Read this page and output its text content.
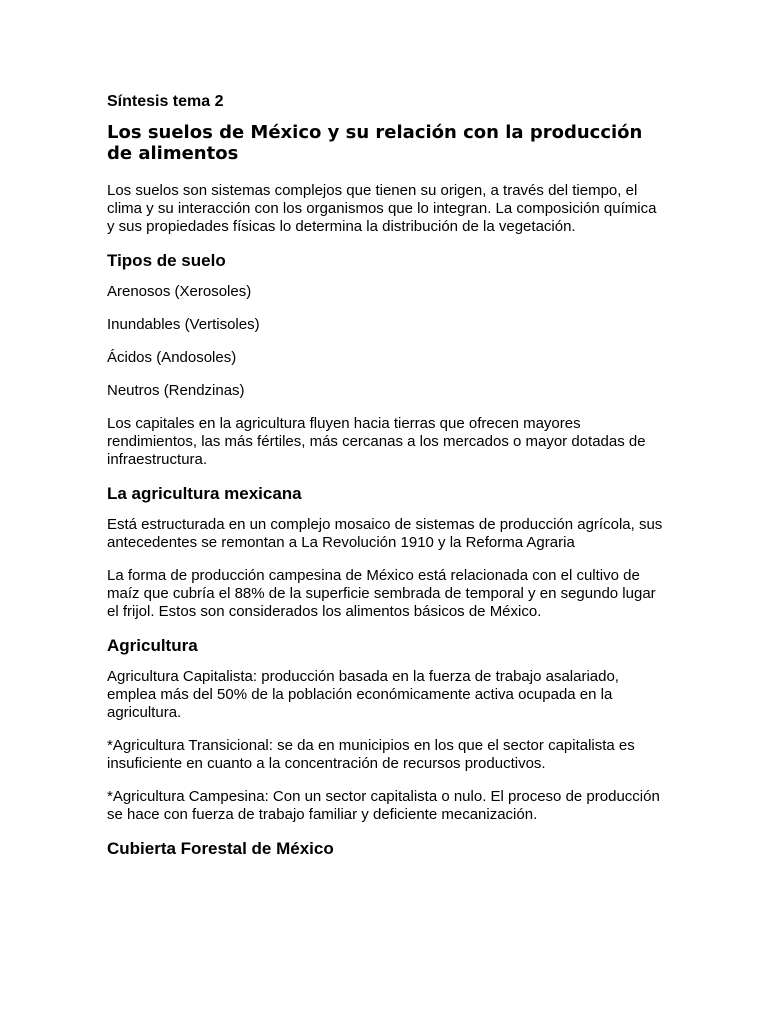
Síntesis tema 2
Los suelos de México y su relación con la producción de alimentos

Los suelos son sistemas complejos que tienen su origen, a través del tiempo, el clima y su interacción con los organismos que lo integran. La composición química y sus propiedades físicas lo determina la distribución de la vegetación.

Tipos de suelo

Arenosos (Xerosoles)

Inundables (Vertisoles)

Ácidos (Andosoles)

Neutros (Rendzinas)

Los capitales en la agricultura fluyen hacia tierras que ofrecen mayores rendimientos, las más fértiles, más cercanas a los mercados o mayor dotadas de infraestructura.

La agricultura mexicana

Está estructurada en un complejo mosaico de sistemas de producción agrícola, sus antecedentes se remontan a La Revolución 1910 y la Reforma Agraria

La forma de producción campesina de México está relacionada con el cultivo de maíz que cubría el 88% de la superficie sembrada de temporal y en segundo lugar el frijol. Estos son considerados los alimentos básicos de México.

Agricultura

Agricultura Capitalista: producción basada en la fuerza de trabajo asalariado, emplea más del 50% de la población económicamente activa ocupada en la agricultura.

*Agricultura Transicional: se da en municipios en los que el sector capitalista es insuficiente en cuanto a la concentración de recursos productivos.

*Agricultura Campesina: Con un sector capitalista o nulo. El proceso de producción se hace con fuerza de trabajo familiar y deficiente mecanización.

Cubierta Forestal de México
